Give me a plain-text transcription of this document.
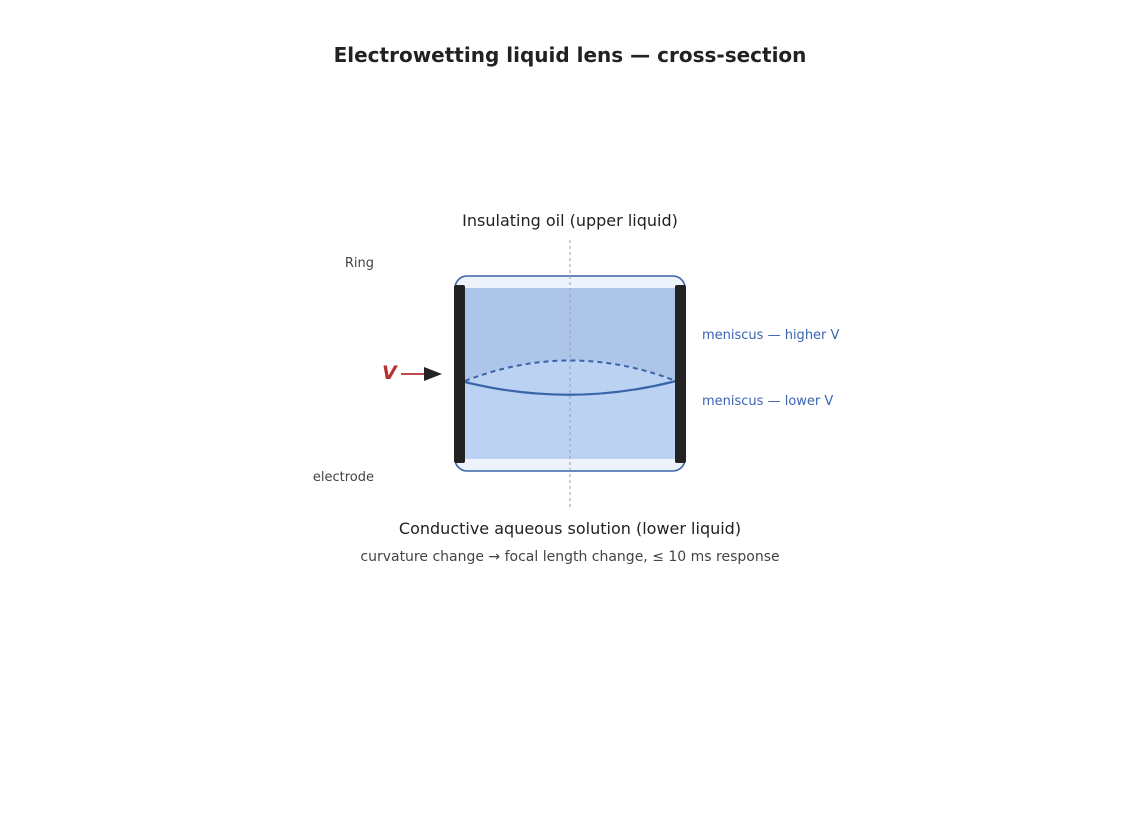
Electrowetting liquid lens — cross-section
Insulating oil (upper liquid)
Ring
electrode
V
meniscus — higher V
meniscus — lower V
Conductive aqueous solution (lower liquid)
curvature change → focal length change, ≤ 10 ms response
